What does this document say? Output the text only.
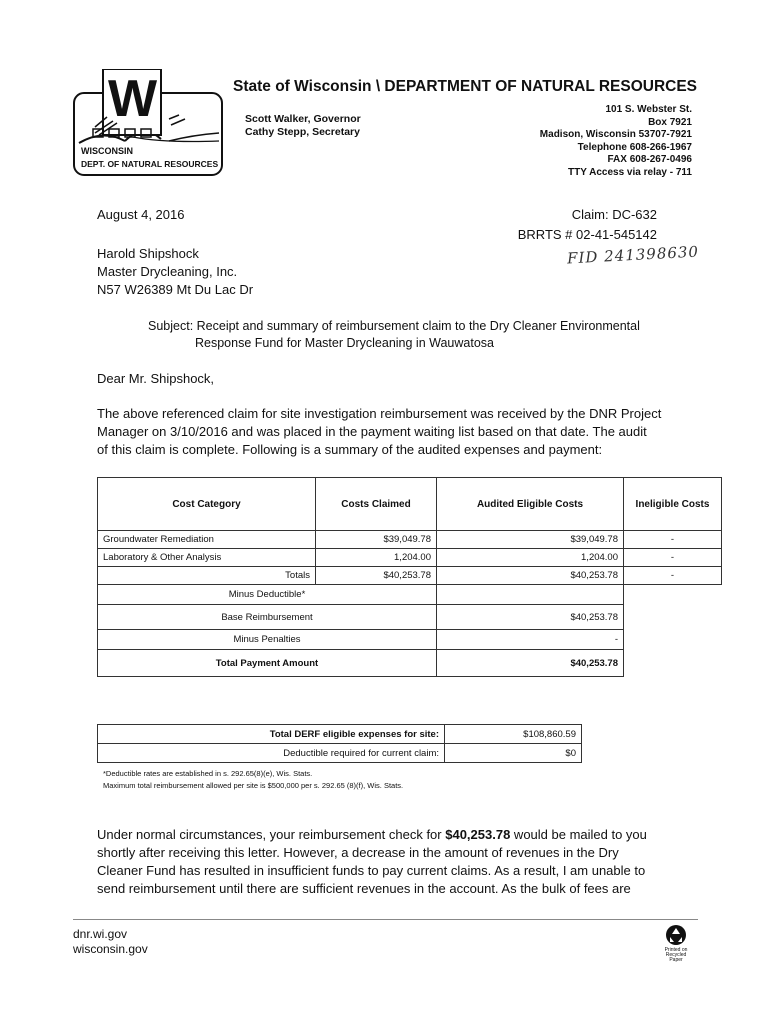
W
WISCONSIN
DEPT. OF NATURAL RESOURCES
State of Wisconsin \ DEPARTMENT OF NATURAL RESOURCES
Scott Walker, Governor
Cathy Stepp, Secretary
101 S. Webster St.
Box 7921
Madison, Wisconsin 53707-7921
Telephone 608-266-1967
FAX 608-267-0496
TTY Access via relay - 711
August 4, 2016	Claim: DC-632
BRRTS # 02-41-545142
FID 241398630
Harold Shipshock
Master Drycleaning, Inc.
N57 W26389 Mt Du Lac Dr
Subject: Receipt and summary of reimbursement claim to the Dry Cleaner Environmental
Response Fund for Master Drycleaning in Wauwatosa
Dear Mr. Shipshock,
The above referenced claim for site investigation reimbursement was received by the DNR Project
Manager on 3/10/2016 and was placed in the payment waiting list based on that date. The audit
of this claim is complete. Following is a summary of the audited expenses and payment:
Cost Category	Costs Claimed	Audited Eligible Costs	Ineligible Costs
Groundwater Remediation	$39,049.78	$39,049.78	-
Laboratory & Other Analysis	1,204.00	1,204.00	-
Totals	$40,253.78	$40,253.78	-
Minus Deductible*			
Base Reimbursement		$40,253.78	
Minus Penalties		-	
Total Payment Amount		$40,253.78	
Total DERF eligible expenses for site:	$108,860.59
Deductible required for current claim:	$0
*Deductible rates are established in s. 292.65(8)(e), Wis. Stats.
Maximum total reimbursement allowed per site is $500,000 per s. 292.65 (8)(f), Wis. Stats.
Under normal circumstances, your reimbursement check for $40,253.78 would be mailed to you
shortly after receiving this letter. However, a decrease in the amount of revenues in the Dry
Cleaner Fund has resulted in insufficient funds to pay current claims. As a result, I am unable to
send reimbursement until there are sufficient revenues in the account. As the bulk of fees are
dnr.wi.gov
wisconsin.gov	Printed on Recycled Paper
